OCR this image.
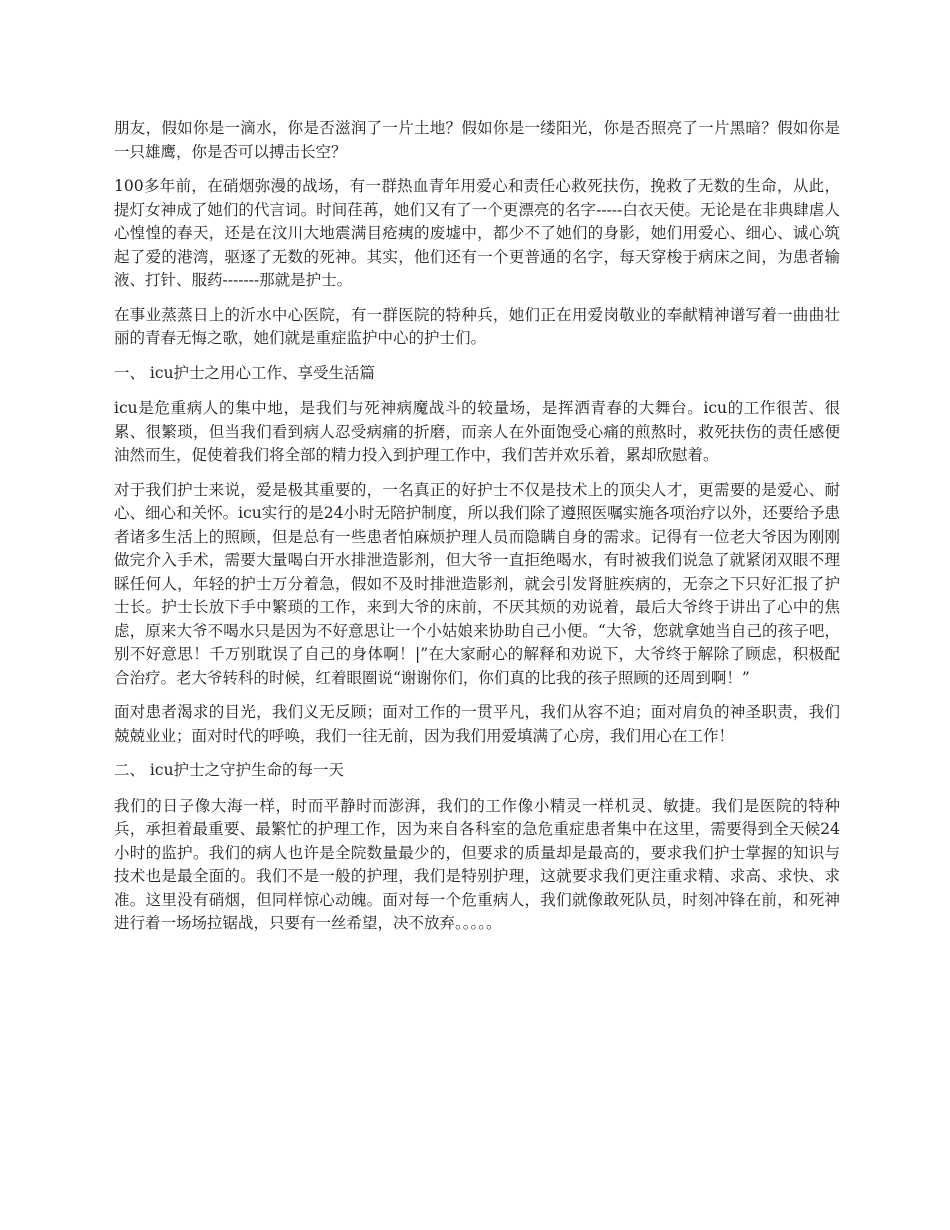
朋友，假如你是一滴水，你是否滋润了一片土地？假如你是一缕阳光，你是否照亮了一片黑暗？假如你是一只雄鹰，你是否可以搏击长空？

100多年前，在硝烟弥漫的战场，有一群热血青年用爱心和责任心救死扶伤，挽救了无数的生命，从此，提灯女神成了她们的代言词。时间荏苒，她们又有了一个更漂亮的名字-----白衣天使。无论是在非典肆虐人心惶惶的春天，还是在汶川大地震满目疮痍的废墟中，都少不了她们的身影，她们用爱心、细心、诚心筑起了爱的港湾，驱逐了无数的死神。其实，他们还有一个更普通的名字，每天穿梭于病床之间，为患者输液、打针、服药-------那就是护士。

在事业蒸蒸日上的沂水中心医院，有一群医院的特种兵，她们正在用爱岗敬业的奉献精神谱写着一曲曲壮丽的青春无悔之歌，她们就是重症监护中心的护士们。

一、 icu护士之用心工作、享受生活篇

icu是危重病人的集中地，是我们与死神病魔战斗的较量场，是挥洒青春的大舞台。icu的工作很苦、很累、很繁琐，但当我们看到病人忍受病痛的折磨，而亲人在外面饱受心痛的煎熬时，救死扶伤的责任感便油然而生，促使着我们将全部的精力投入到护理工作中，我们苦并欢乐着，累却欣慰着。

对于我们护士来说，爱是极其重要的，一名真正的好护士不仅是技术上的顶尖人才，更需要的是爱心、耐心、细心和关怀。icu实行的是24小时无陪护制度，所以我们除了遵照医嘱实施各项治疗以外，还要给予患者诸多生活上的照顾，但是总有一些患者怕麻烦护理人员而隐瞒自身的需求。记得有一位老大爷因为刚刚做完介入手术，需要大量喝白开水排泄造影剂，但大爷一直拒绝喝水，有时被我们说急了就紧闭双眼不理睬任何人，年轻的护士万分着急，假如不及时排泄造影剂，就会引发肾脏疾病的，无奈之下只好汇报了护士长。护士长放下手中繁琐的工作，来到大爷的床前，不厌其烦的劝说着，最后大爷终于讲出了心中的焦虑，原来大爷不喝水只是因为不好意思让一个小姑娘来协助自己小便。“大爷，您就拿她当自己的孩子吧，别不好意思！千万别耽误了自己的身体啊！|”在大家耐心的解释和劝说下，大爷终于解除了顾虑，积极配合治疗。老大爷转科的时候，红着眼圈说“谢谢你们，你们真的比我的孩子照顾的还周到啊！”

面对患者渴求的目光，我们义无反顾；面对工作的一贯平凡，我们从容不迫；面对肩负的神圣职责，我们兢兢业业；面对时代的呼唤，我们一往无前，因为我们用爱填满了心房，我们用心在工作！

二、 icu护士之守护生命的每一天

我们的日子像大海一样，时而平静时而澎湃，我们的工作像小精灵一样机灵、敏捷。我们是医院的特种兵，承担着最重要、最繁忙的护理工作，因为来自各科室的急危重症患者集中在这里，需要得到全天候24小时的监护。我们的病人也许是全院数量最少的，但要求的质量却是最高的，要求我们护士掌握的知识与技术也是最全面的。我们不是一般的护理，我们是特别护理，这就要求我们更注重求精、求高、求快、求准。这里没有硝烟，但同样惊心动魄。面对每一个危重病人，我们就像敢死队员，时刻冲锋在前，和死神进行着一场场拉锯战，只要有一丝希望，决不放弃。。。。。
